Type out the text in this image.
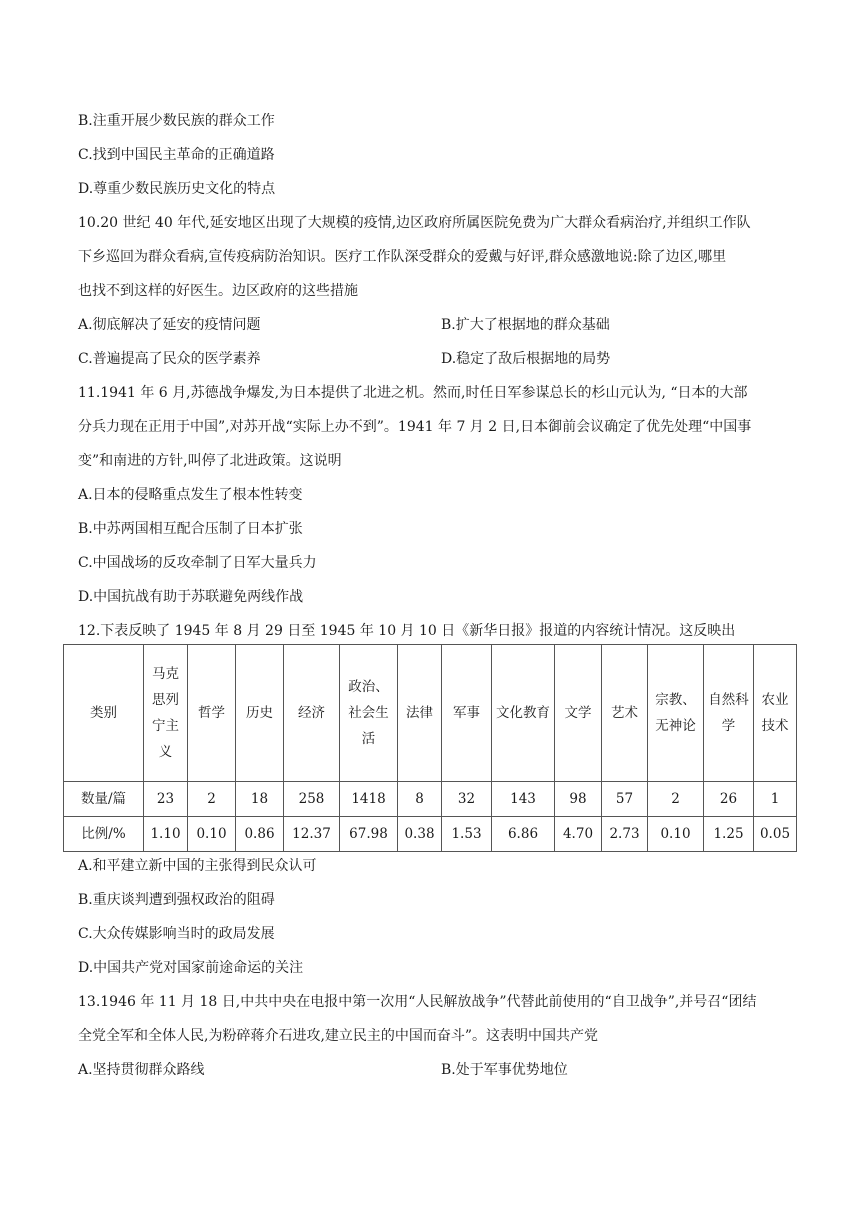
B.注重开展少数民族的群众工作
C.找到中国民主革命的正确道路
D.尊重少数民族历史文化的特点
10.20 世纪 40 年代,延安地区出现了大规模的疫情,边区政府所属医院免费为广大群众看病治疗,并组织工作队
下乡巡回为群众看病,宣传疫病防治知识。医疗工作队深受群众的爱戴与好评,群众感激地说:除了边区,哪里
也找不到这样的好医生。边区政府的这些措施
A.彻底解决了延安的疫情问题	B.扩大了根据地的群众基础
C.普遍提高了民众的医学素养	D.稳定了敌后根据地的局势
11.1941 年 6 月,苏德战争爆发,为日本提供了北进之机。然而,时任日军参谋总长的杉山元认为, “日本的大部
分兵力现在正用于中国”,对苏开战“实际上办不到”。1941 年 7 月 2 日,日本御前会议确定了优先处理“中国事
变”和南进的方针,叫停了北进政策。这说明
A.日本的侵略重点发生了根本性转变
B.中苏两国相互配合压制了日本扩张
C.中国战场的反攻牵制了日军大量兵力
D.中国抗战有助于苏联避免两线作战
12.下表反映了 1945 年 8 月 29 日至 1945 年 10 月 10 日《新华日报》报道的内容统计情况。这反映出
类别	马克思列宁主义	哲学	历史	经济	政治、社会生活	法律	军事	文化教育	文学	艺术	宗教、无神论	自然科学	农业技术
数量/篇	23	2	18	258	1418	8	32	143	98	57	2	26	1
比例/%	1.10	0.10	0.86	12.37	67.98	0.38	1.53	6.86	4.70	2.73	0.10	1.25	0.05
A.和平建立新中国的主张得到民众认可
B.重庆谈判遭到强权政治的阻碍
C.大众传媒影响当时的政局发展
D.中国共产党对国家前途命运的关注
13.1946 年 11 月 18 日,中共中央在电报中第一次用“人民解放战争”代替此前使用的“自卫战争”,并号召“团结
全党全军和全体人民,为粉碎蒋介石进攻,建立民主的中国而奋斗”。这表明中国共产党
A.坚持贯彻群众路线	B.处于军事优势地位
